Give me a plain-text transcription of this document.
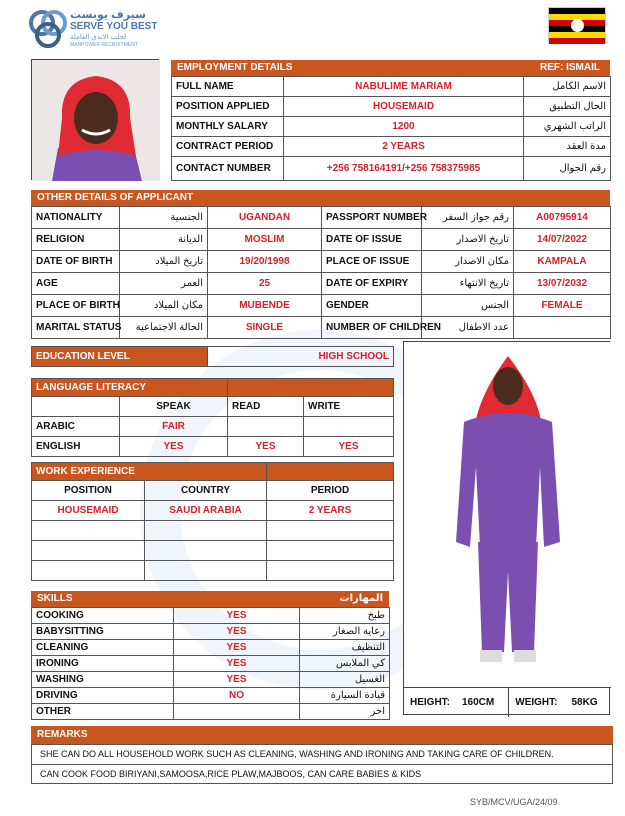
سيرف يوبست
SERVE YOU BEST
لجلب الايدي العاملة
MANPOWER RECRUITMENT
EMPLOYMENT DETAILS	REF: ISMAIL
FULL NAME	NABULIME MARIAM	الاسم الكامل
POSITION APPLIED	HOUSEMAID	الحال التطبيق
MONTHLY SALARY	1200	الراتب الشهري
CONTRACT PERIOD	2 YEARS	مدة العقد
CONTACT NUMBER	+256 758164191/+256 758375985	رقم الجوال
OTHER DETAILS OF APPLICANT
NATIONALITY	الجنسية	UGANDAN	PASSPORT NUMBER	رقم جواز السفر	A00795914
RELIGION	الديانة	MOSLIM	DATE OF ISSUE	تاريخ الاصدار	14/07/2022
DATE OF BIRTH	تاريخ الميلاد	19/20/1998	PLACE OF ISSUE	مكان الاصدار	KAMPALA
AGE	العمر	25	DATE OF EXPIRY	تاريخ الانتهاء	13/07/2032
PLACE OF BIRTH	مكان الميلاد	MUBENDE	GENDER	الجنس	FEMALE
MARITAL STATUS	الحالة الاجتماعية	SINGLE	NUMBER OF CHILDREN	عدد الاطفال	
EDUCATION LEVEL	HIGH SCHOOL
LANGUAGE LITERACY			
	SPEAK	READ	WRITE
ARABIC	FAIR		
ENGLISH	YES	YES	YES
WORK EXPERIENCE		
POSITION	COUNTRY	PERIOD
HOUSEMAID	SAUDI ARABIA	2 YEARS

SKILLS	المهارات
COOKING	YES	طبخ
BABYSITTING	YES	رعاية الصغار
CLEANING	YES	التنظيف
IRONING	YES	كي الملابس
WASHING	YES	الغسيل
DRIVING	NO	قيادة السيارة
OTHER		اخر
HEIGHT: 160CM	WEIGHT: 58KG
REMARKS
SHE CAN DO ALL HOUSEHOLD WORK SUCH AS CLEANING, WASHING AND IRONING AND TAKING CARE OF CHILDREN.
CAN COOK FOOD BIRIYANI,SAMOOSA,RICE PLAW,MAJBOOS, CAN CARE BABIES & KIDS
SYB/MCV/UGA/24/09
